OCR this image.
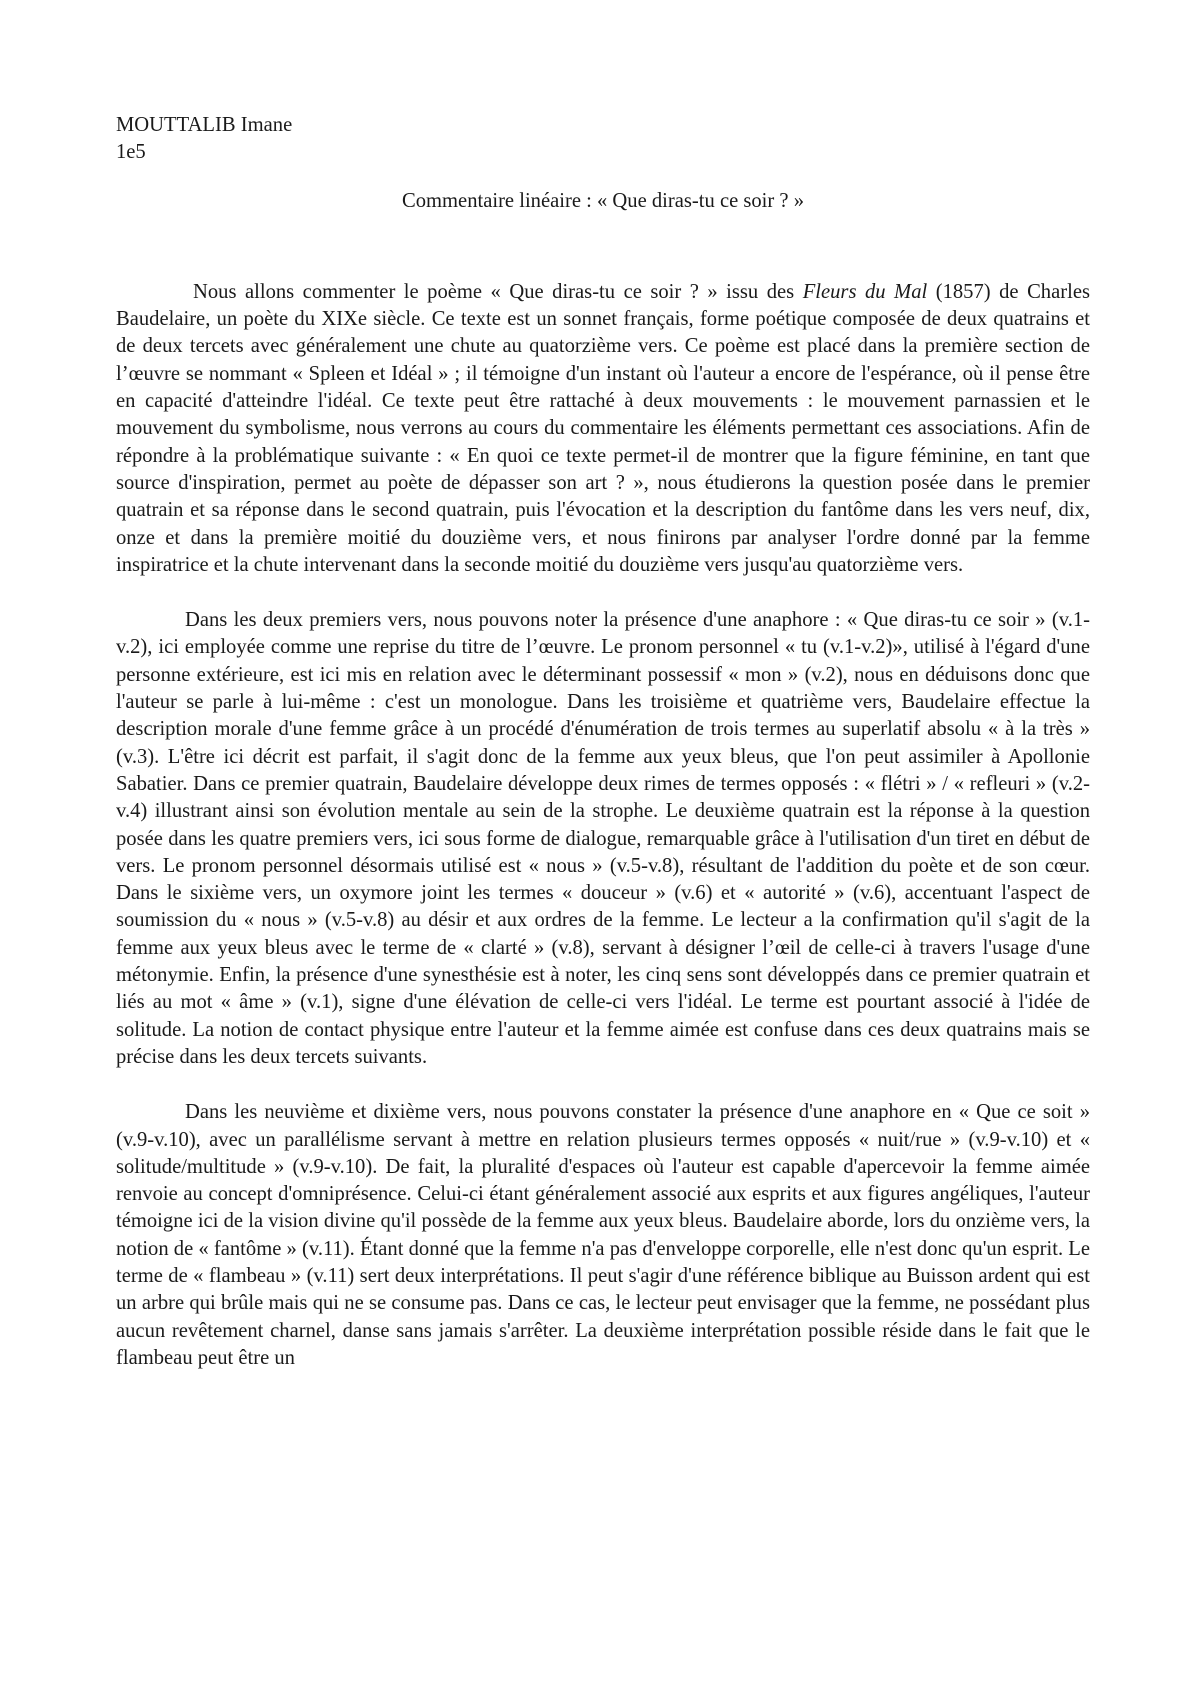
MOUTTALIB Imane

1e5

Commentaire linéaire : « Que diras-tu ce soir ? »

Nous allons commenter le poème « Que diras-tu ce soir ? » issu des Fleurs du Mal (1857) de Charles Baudelaire, un poète du XIXe siècle. Ce texte est un sonnet français, forme poétique composée de deux quatrains et de deux tercets avec généralement une chute au quatorzième vers. Ce poème est placé dans la première section de l’œuvre se nommant « Spleen et Idéal » ; il témoigne d'un instant où l'auteur a encore de l'espérance, où il pense être en capacité d'atteindre l'idéal. Ce texte peut être rattaché à deux mouvements : le mouvement parnassien et le mouvement du symbolisme, nous verrons au cours du commentaire les éléments permettant ces associations. Afin de répondre à la problématique suivante : « En quoi ce texte permet-il de montrer que la figure féminine, en tant que source d'inspiration, permet au poète de dépasser son art ? », nous étudierons la question posée dans le premier quatrain et sa réponse dans le second quatrain, puis l'évocation et la description du fantôme dans les vers neuf, dix, onze et dans la première moitié du douzième vers, et nous finirons par analyser l'ordre donné par la femme inspiratrice et la chute intervenant dans la seconde moitié du douzième vers jusqu'au quatorzième vers.

Dans les deux premiers vers, nous pouvons noter la présence d'une anaphore : « Que diras-tu ce soir » (v.1-v.2), ici employée comme une reprise du titre de l’œuvre. Le pronom personnel « tu (v.1-v.2)», utilisé à l'égard d'une personne extérieure, est ici mis en relation avec le déterminant possessif « mon » (v.2), nous en déduisons donc que l'auteur se parle à lui-même : c'est un monologue. Dans les troisième et quatrième vers, Baudelaire effectue la description morale d'une femme grâce à un procédé d'énumération de trois termes au superlatif absolu « à la très » (v.3). L'être ici décrit est parfait, il s'agit donc de la femme aux yeux bleus, que l'on peut assimiler à Apollonie Sabatier. Dans ce premier quatrain, Baudelaire développe deux rimes de termes opposés : « flétri » / « refleuri » (v.2-v.4) illustrant ainsi son évolution mentale au sein de la strophe. Le deuxième quatrain est la réponse à la question posée dans les quatre premiers vers, ici sous forme de dialogue, remarquable grâce à l'utilisation d'un tiret en début de vers. Le pronom personnel désormais utilisé est « nous » (v.5-v.8), résultant de l'addition du poète et de son cœur. Dans le sixième vers, un oxymore joint les termes « douceur » (v.6) et « autorité » (v.6), accentuant l'aspect de soumission du « nous » (v.5-v.8) au désir et aux ordres de la femme. Le lecteur a la confirmation qu'il s'agit de la femme aux yeux bleus avec le terme de « clarté » (v.8), servant à désigner l’œil de celle-ci à travers l'usage d'une métonymie. Enfin, la présence d'une synesthésie est à noter, les cinq sens sont développés dans ce premier quatrain et liés au mot « âme » (v.1), signe d'une élévation de celle-ci vers l'idéal. Le terme est pourtant associé à l'idée de solitude. La notion de contact physique entre l'auteur et la femme aimée est confuse dans ces deux quatrains mais se précise dans les deux tercets suivants.

Dans les neuvième et dixième vers, nous pouvons constater la présence d'une anaphore en « Que ce soit » (v.9-v.10), avec un parallélisme servant à mettre en relation plusieurs termes opposés « nuit/rue » (v.9-v.10) et « solitude/multitude » (v.9-v.10). De fait, la pluralité d'espaces où l'auteur est capable d'apercevoir la femme aimée renvoie au concept d'omniprésence. Celui-ci étant généralement associé aux esprits et aux figures angéliques, l'auteur témoigne ici de la vision divine qu'il possède de la femme aux yeux bleus. Baudelaire aborde, lors du onzième vers, la notion de « fantôme » (v.11). Étant donné que la femme n'a pas d'enveloppe corporelle, elle n'est donc qu'un esprit. Le terme de « flambeau » (v.11) sert deux interprétations. Il peut s'agir d'une référence biblique au Buisson ardent qui est un arbre qui brûle mais qui ne se consume pas. Dans ce cas, le lecteur peut envisager que la femme, ne possédant plus aucun revêtement charnel, danse sans jamais s'arrêter. La deuxième interprétation possible réside dans le fait que le flambeau peut être un
